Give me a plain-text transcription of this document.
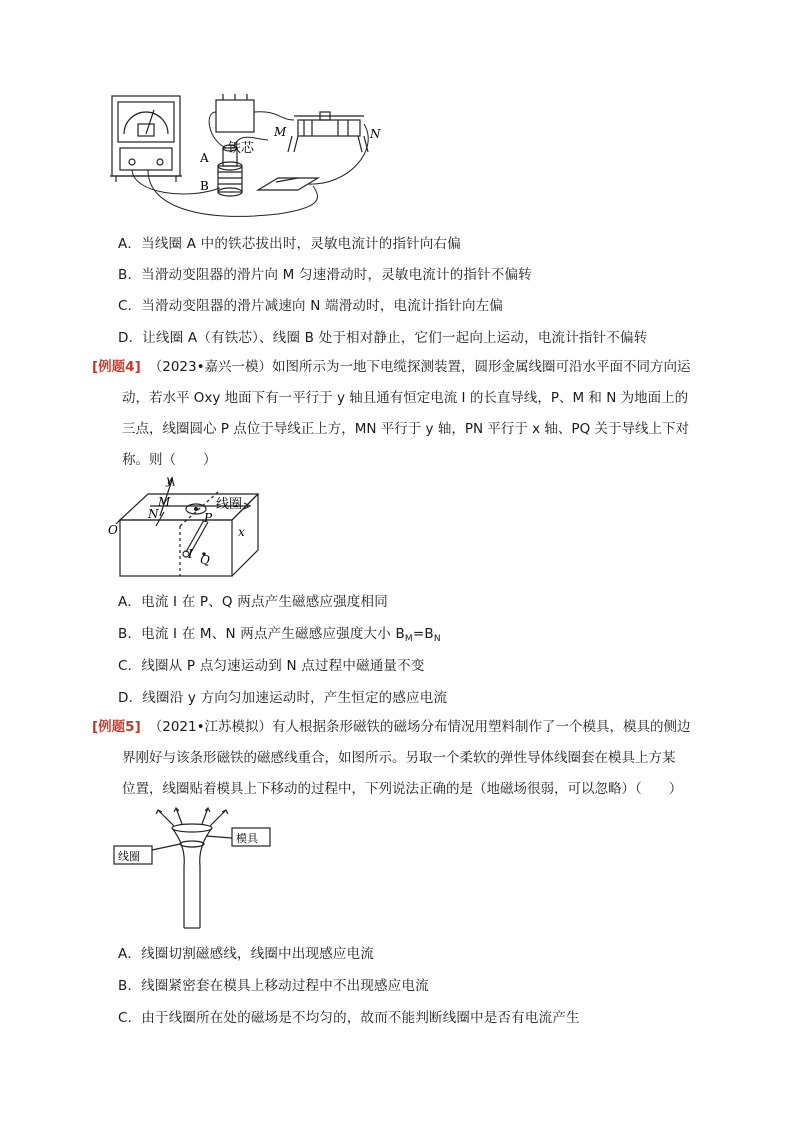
A
B
铁芯
M	N
A．当线圈 A 中的铁芯拔出时，灵敏电流计的指针向右偏
B．当滑动变阻器的滑片向 M 匀速滑动时，灵敏电流计的指针不偏转
C．当滑动变阻器的滑片减速向 N 端滑动时，电流计指针向左偏
D．让线圈 A（有铁芯）、线圈 B 处于相对静止，它们一起向上运动，电流计指针不偏转
[例题4] （2023•嘉兴一模）如图所示为一地下电缆探测装置，圆形金属线圈可沿水平面不同方向运
动，若水平 Oxy 地面下有一平行于 y 轴且通有恒定电流 I 的长直导线，P、M 和 N 为地面上的
三点，线圈圆心 P 点位于导线正上方，MN 平行于 y 轴，PN 平行于 x 轴、PQ 关于导线上下对
称。则（　　）
y
M
N
线圈
P
O	x
I Q
A．电流 I 在 P、Q 两点产生磁感应强度相同
B．电流 I 在 M、N 两点产生磁感应强度大小 $B_M=B_N$
C．线圈从 P 点匀速运动到 N 点过程中磁通量不变
D．线圈沿 y 方向匀加速运动时，产生恒定的感应电流
[例题5] （2021•江苏模拟）有人根据条形磁铁的磁场分布情况用塑料制作了一个模具，模具的侧边
界刚好与该条形磁铁的磁感线重合，如图所示。另取一个柔软的弹性导体线圈套在模具上方某
位置，线圈贴着模具上下移动的过程中，下列说法正确的是（地磁场很弱，可以忽略）（　　）
线圈
模具
A．线圈切割磁感线，线圈中出现感应电流
B．线圈紧密套在模具上移动过程中不出现感应电流
C．由于线圈所在处的磁场是不均匀的，故而不能判断线圈中是否有电流产生
